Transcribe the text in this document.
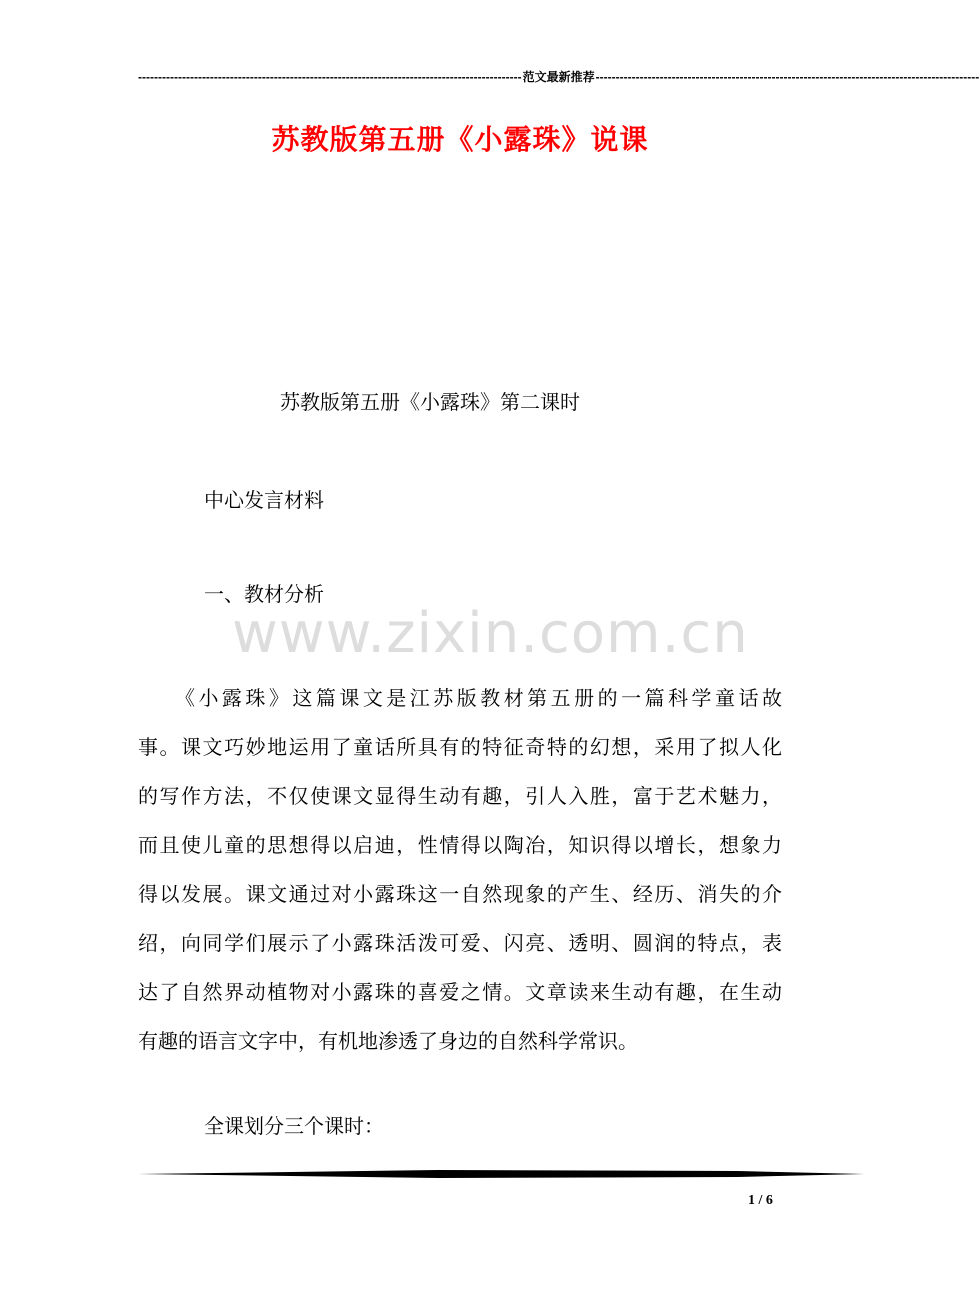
------------------------------------------------------------------------------------------------ 范文最新推荐 ------------------------------------------------------------------------------------------------
苏教版第五册《小露珠》说课
苏教版第五册《小露珠》第二课时
中心发言材料
一、教材分析
www.zixin.com.cn
　　《小露珠》这篇课文是江苏版教材第五册的一篇科学童话故
事。课文巧妙地运用了童话所具有的特征奇特的幻想，采用了拟人化
的写作方法，不仅使课文显得生动有趣，引人入胜，富于艺术魅力，
而且使儿童的思想得以启迪，性情得以陶冶，知识得以增长，想象力
得以发展。课文通过对小露珠这一自然现象的产生、经历、消失的介
绍，向同学们展示了小露珠活泼可爱、闪亮、透明、圆润的特点，表
达了自然界动植物对小露珠的喜爱之情。文章读来生动有趣，在生动
有趣的语言文字中，有机地渗透了身边的自然科学常识。
全课划分三个课时：
1 / 6
